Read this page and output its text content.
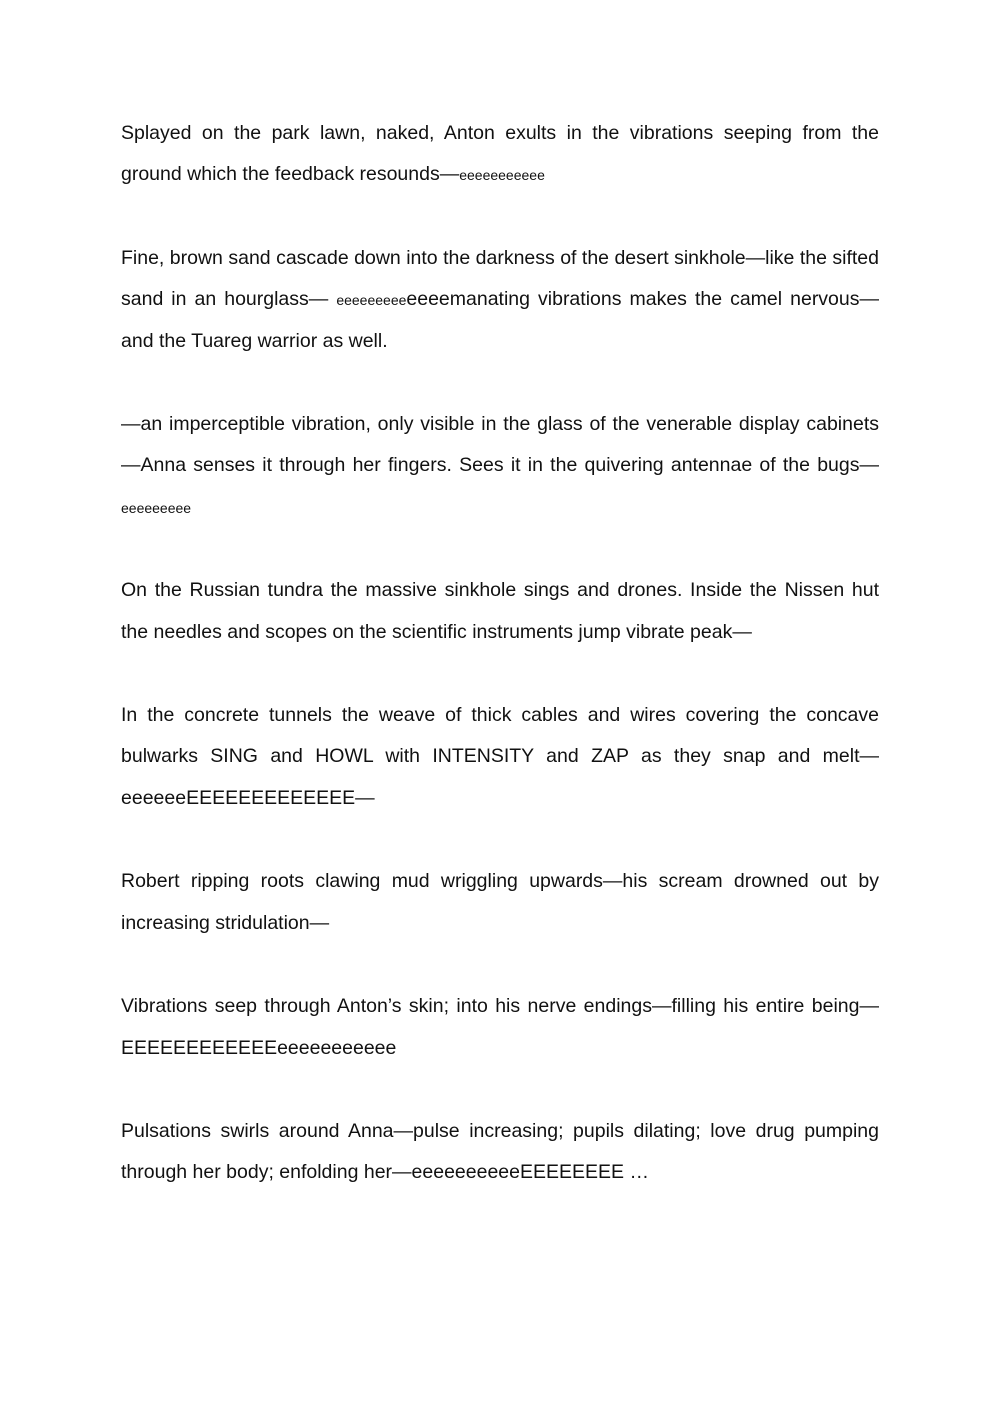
Splayed on the park lawn, naked, Anton exults in the vibrations seeping from the ground which the feedback resounds—eeeeeeeeeee

Fine, brown sand cascade down into the darkness of the desert sinkhole—like the sifted sand in an hourglass— eeeeeeeeeeeeemanating vibrations makes the camel nervous—and the Tuareg warrior as well.

—an imperceptible vibration, only visible in the glass of the venerable display cabinets—Anna senses it through her fingers. Sees it in the quivering antennae of the bugs— eeeeeeeee

On the Russian tundra the massive sinkhole sings and drones. Inside the Nissen hut the needles and scopes on the scientific instruments jump vibrate peak—

In the concrete tunnels the weave of thick cables and wires covering the concave bulwarks SING and HOWL with INTENSITY and ZAP as they snap and melt— eeeeeeEEEEEEEEEEEEE—

Robert ripping roots clawing mud wriggling upwards—his scream drowned out by increasing stridulation—

Vibrations seep through Anton’s skin; into his nerve endings—filling his entire being—EEEEEEEEEEEEeeeeeeeeeee

Pulsations swirls around Anna—pulse increasing; pupils dilating; love drug pumping through her body; enfolding her—eeeeeeeeeeEEEEEEEE …
